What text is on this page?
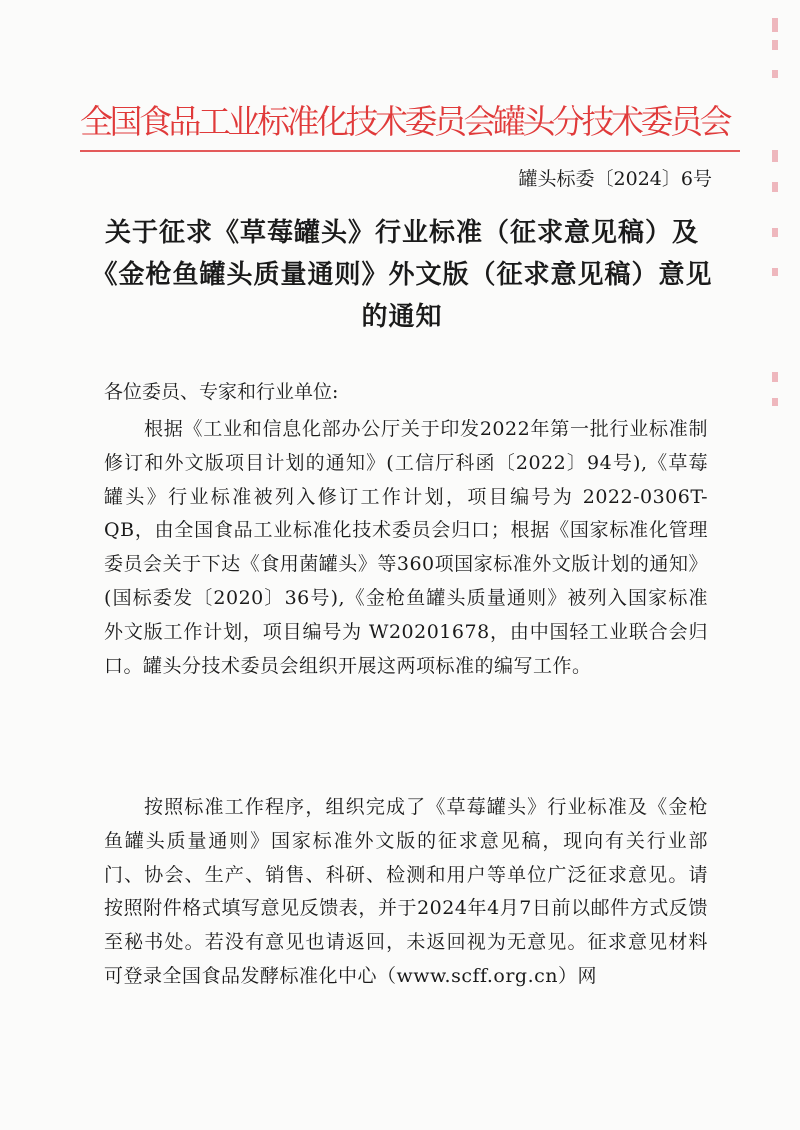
全国食品工业标准化技术委员会罐头分技术委员会
罐头标委〔2024〕6号
关于征求《草莓罐头》行业标准（征求意见稿）及《金枪鱼罐头质量通则》外文版（征求意见稿）意见的通知
各位委员、专家和行业单位:
根据《工业和信息化部办公厅关于印发2022年第一批行业标准制修订和外文版项目计划的通知》(工信厅科函〔2022〕94号),《草莓罐头》行业标准被列入修订工作计划，项目编号为 2022-0306T-QB，由全国食品工业标准化技术委员会归口；根据《国家标准化管理委员会关于下达《食用菌罐头》等360项国家标准外文版计划的通知》(国标委发〔2020〕36号),《金枪鱼罐头质量通则》被列入国家标准外文版工作计划，项目编号为 W20201678，由中国轻工业联合会归口。罐头分技术委员会组织开展这两项标准的编写工作。
按照标准工作程序，组织完成了《草莓罐头》行业标准及《金枪鱼罐头质量通则》国家标准外文版的征求意见稿，现向有关行业部门、协会、生产、销售、科研、检测和用户等单位广泛征求意见。请按照附件格式填写意见反馈表，并于2024年4月7日前以邮件方式反馈至秘书处。若没有意见也请返回，未返回视为无意见。征求意见材料可登录全国食品发酵标准化中心（www.scff.org.cn）网
